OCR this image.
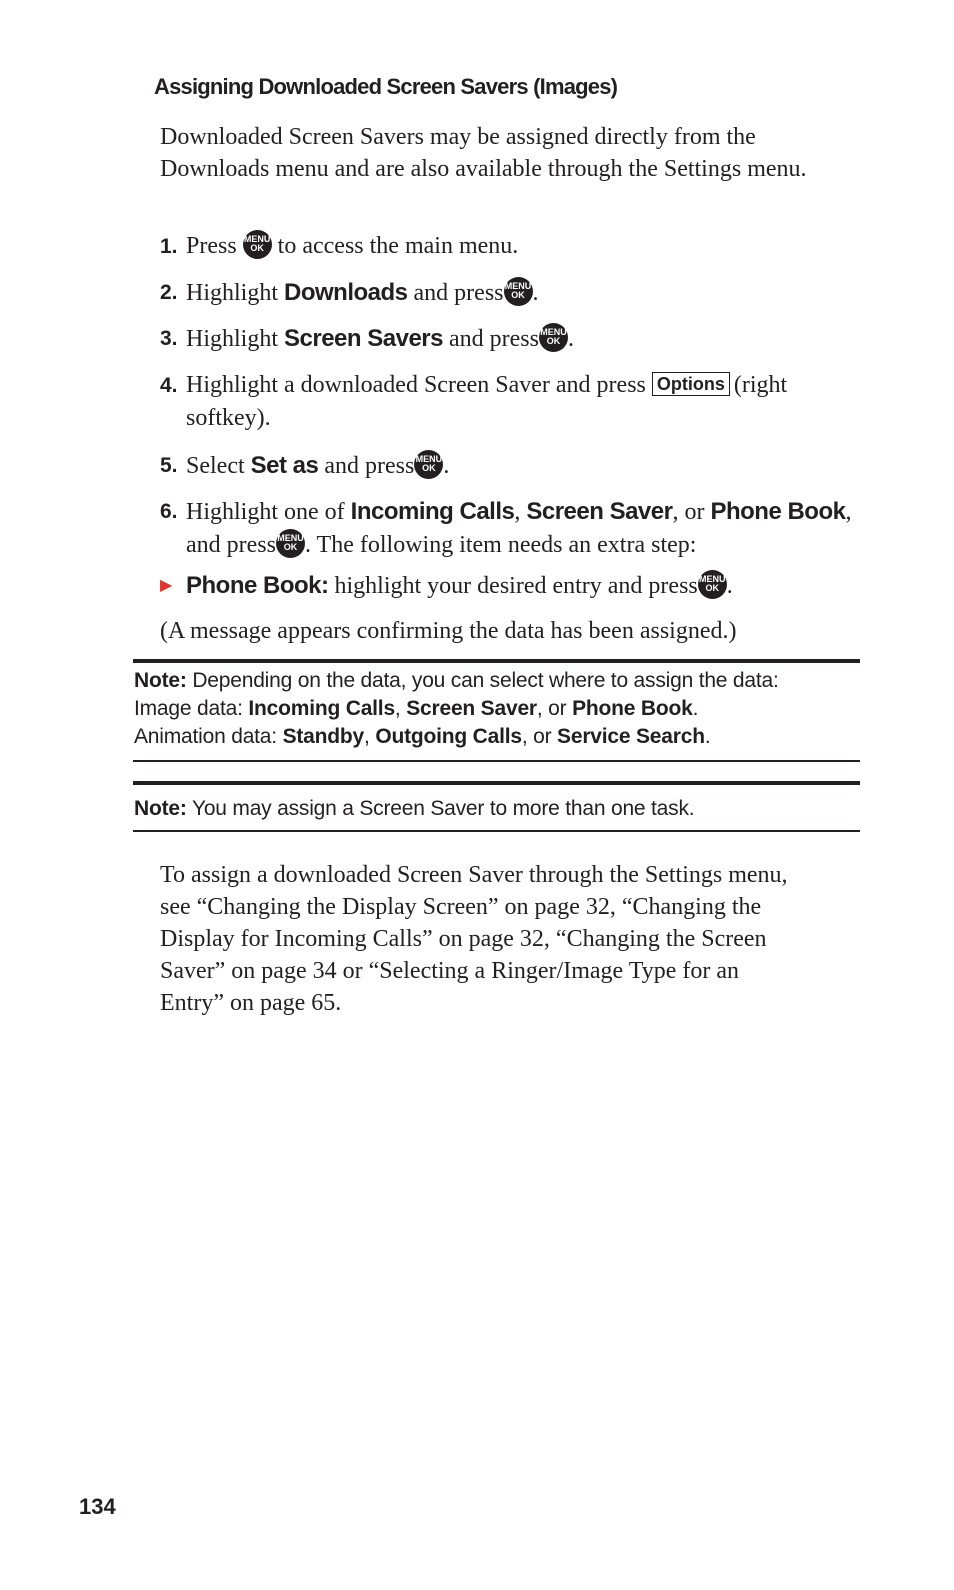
Assigning Downloaded Screen Savers (Images)

Downloaded Screen Savers may be assigned directly from the Downloads menu and are also available through the Settings menu.

1. Press MENU
OK to access the main menu.
2. Highlight Downloads and press MENU
OK .
3. Highlight Screen Savers and press MENU
OK .
4. Highlight a downloaded Screen Saver and press Options (right softkey).
5. Select Set as and press MENU
OK .
6. Highlight one of Incoming Calls, Screen Saver, or Phone Book, and press MENU
OK . The following item needs an extra step:
▶ Phone Book: highlight your desired entry and press MENU
OK .

(A message appears confirming the data has been assigned.)

Note: Depending on the data, you can select where to assign the data:
Image data: Incoming Calls, Screen Saver, or Phone Book.
Animation data: Standby, Outgoing Calls, or Service Search.
Note: You may assign a Screen Saver to more than one task.

To assign a downloaded Screen Saver through the Settings menu, see “Changing the Display Screen” on page 32, “Changing the Display for Incoming Calls” on page 32, “Changing the Screen Saver” on page 34 or “Selecting a Ringer/Image Type for an Entry” on page 65.

134
